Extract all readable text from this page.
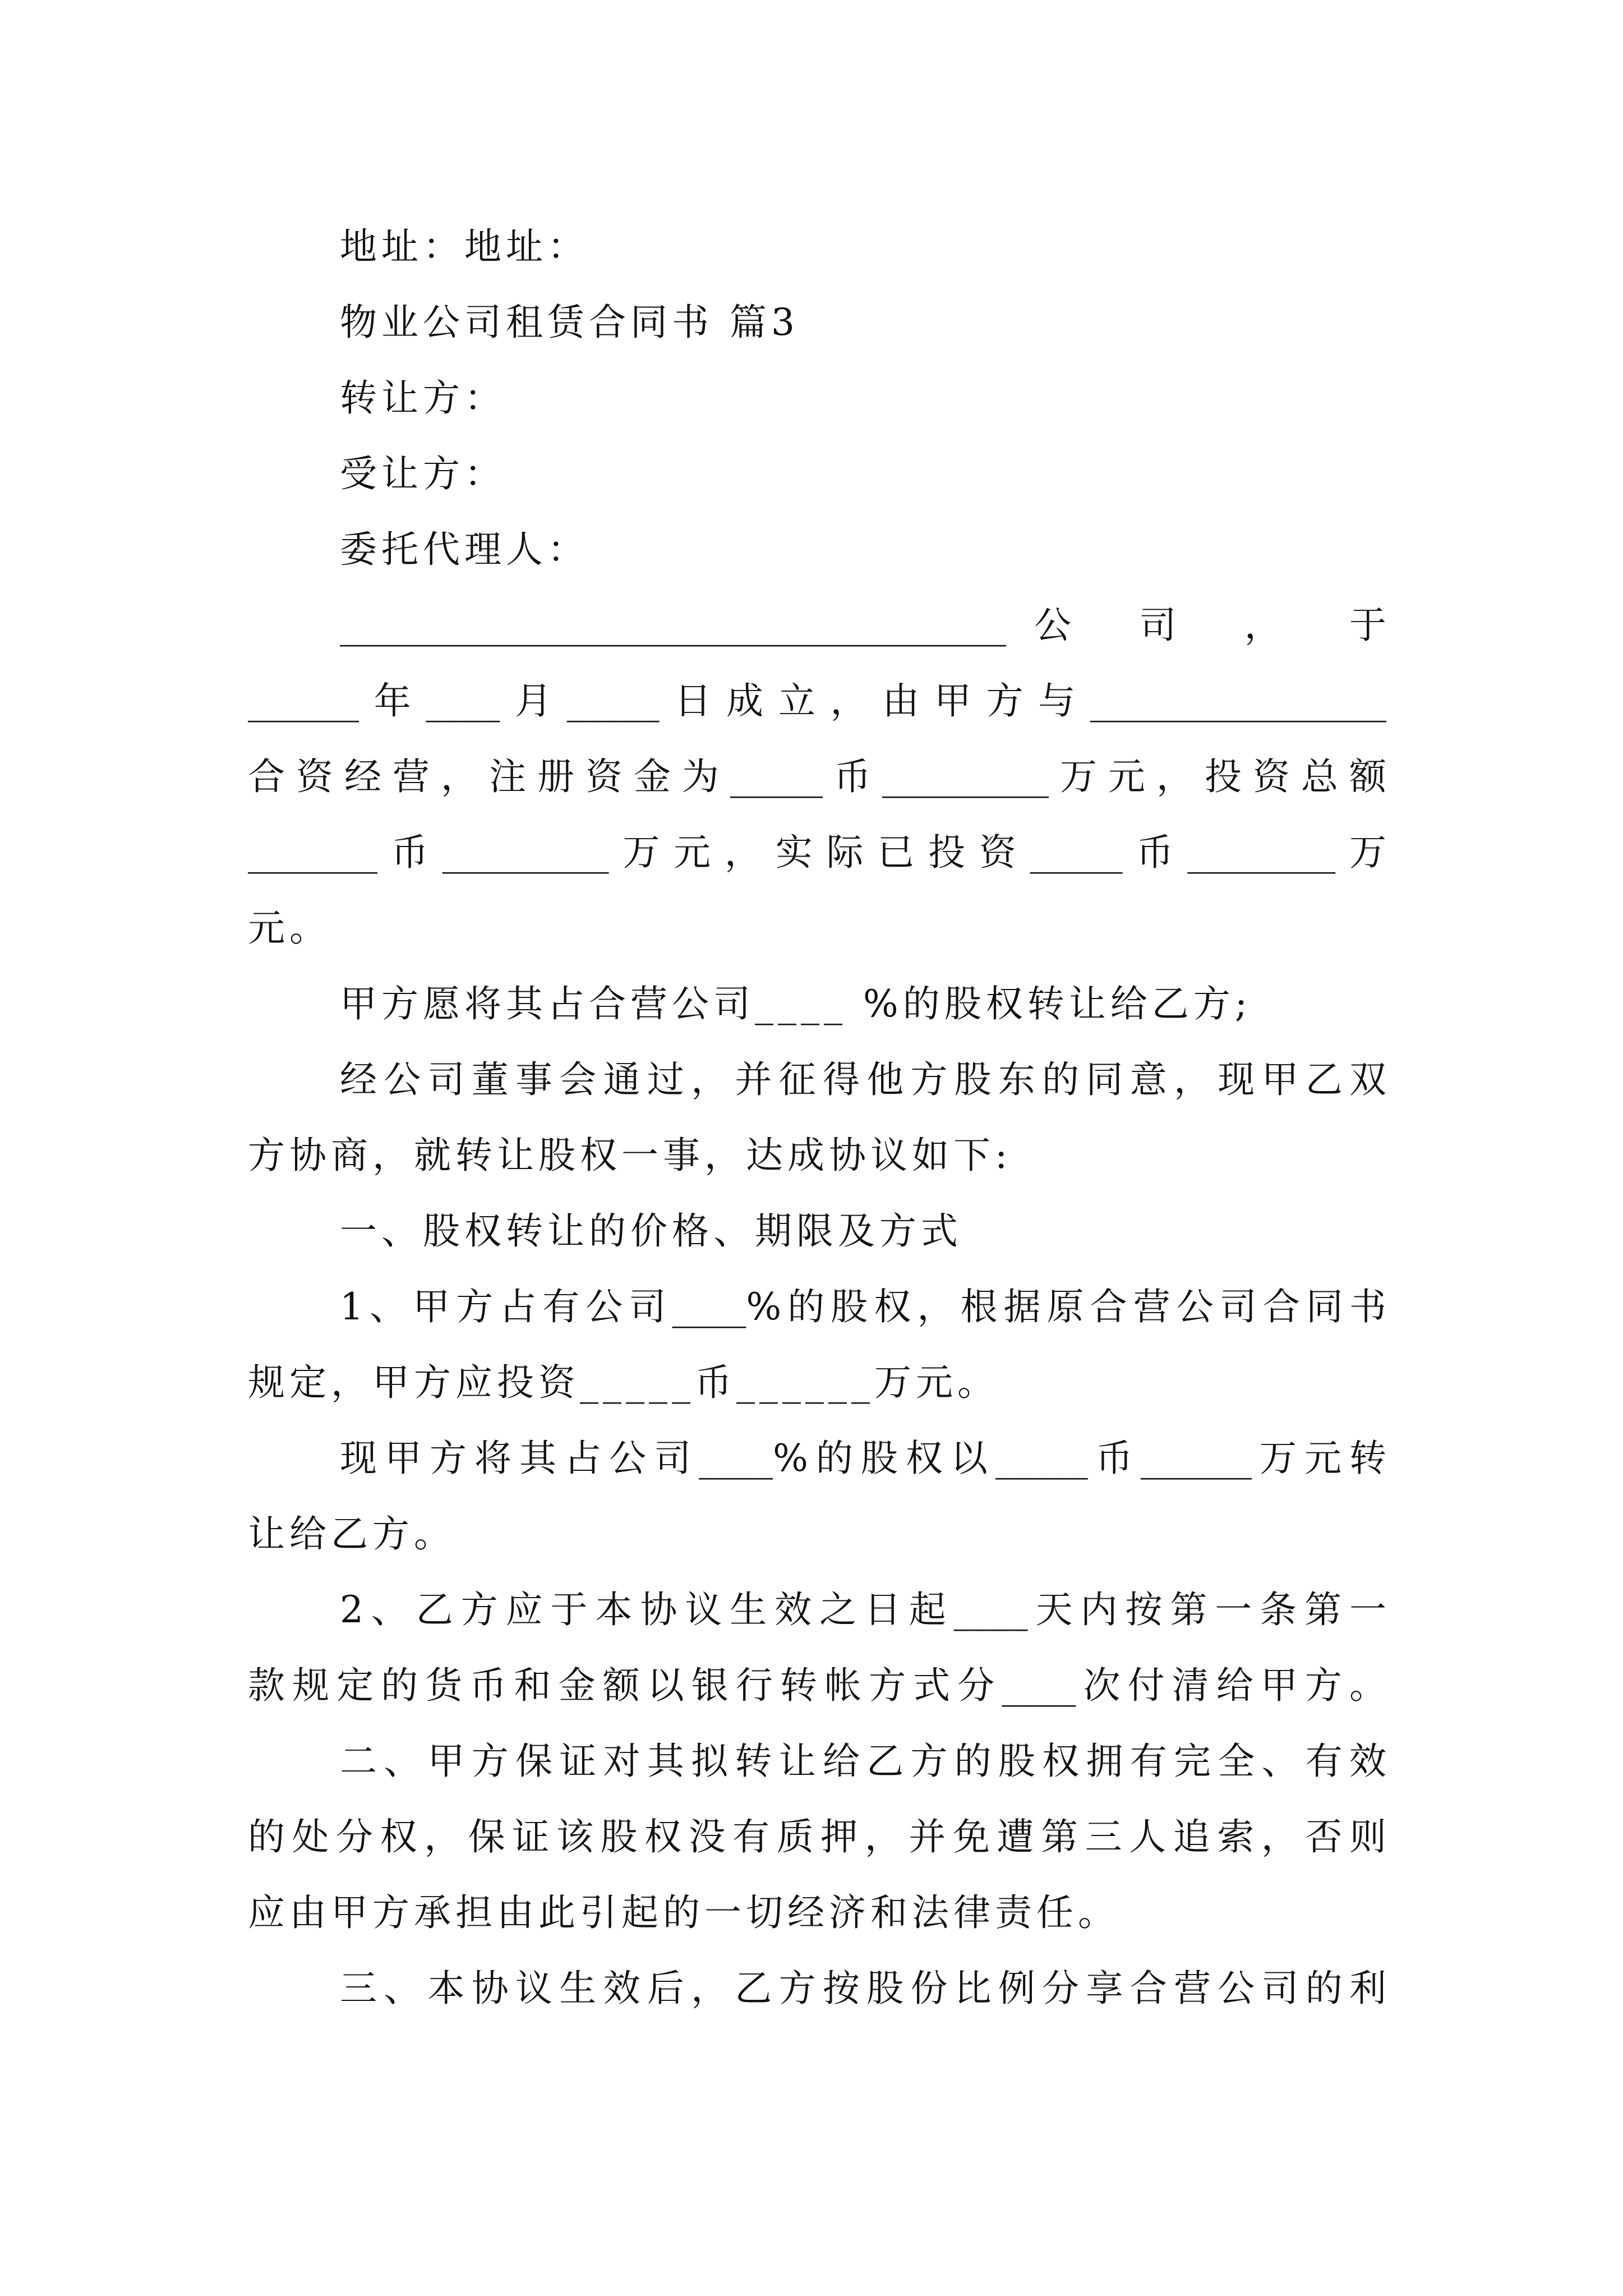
地址：地址：
物业公司租赁合同书 篇3
转让方：
受让方：
委托代理人：
____________________________________公 司 ， 于
______年____月_____日成立，由甲方与________________
合资经营，注册资金为_____币_________万元，投资总额
_______币_________万元，实际已投资_____币________万
元。
甲方愿将其占合营公司____ %的股权转让给乙方;
经公司董事会通过，并征得他方股东的同意，现甲乙双
方协商，就转让股权一事，达成协议如下:
一、股权转让的价格、期限及方式
1、甲方占有公司____%的股权，根据原合营公司合同书
规定，甲方应投资_____币______万元。
现甲方将其占公司____%的股权以_____币______万元转
让给乙方。
2、乙方应于本协议生效之日起____天内按第一条第一
款规定的货币和金额以银行转帐方式分____次付清给甲方。
二、甲方保证对其拟转让给乙方的股权拥有完全、有效
的处分权，保证该股权没有质押，并免遭第三人追索，否则
应由甲方承担由此引起的一切经济和法律责任。
三、本协议生效后，乙方按股份比例分享合营公司的利
